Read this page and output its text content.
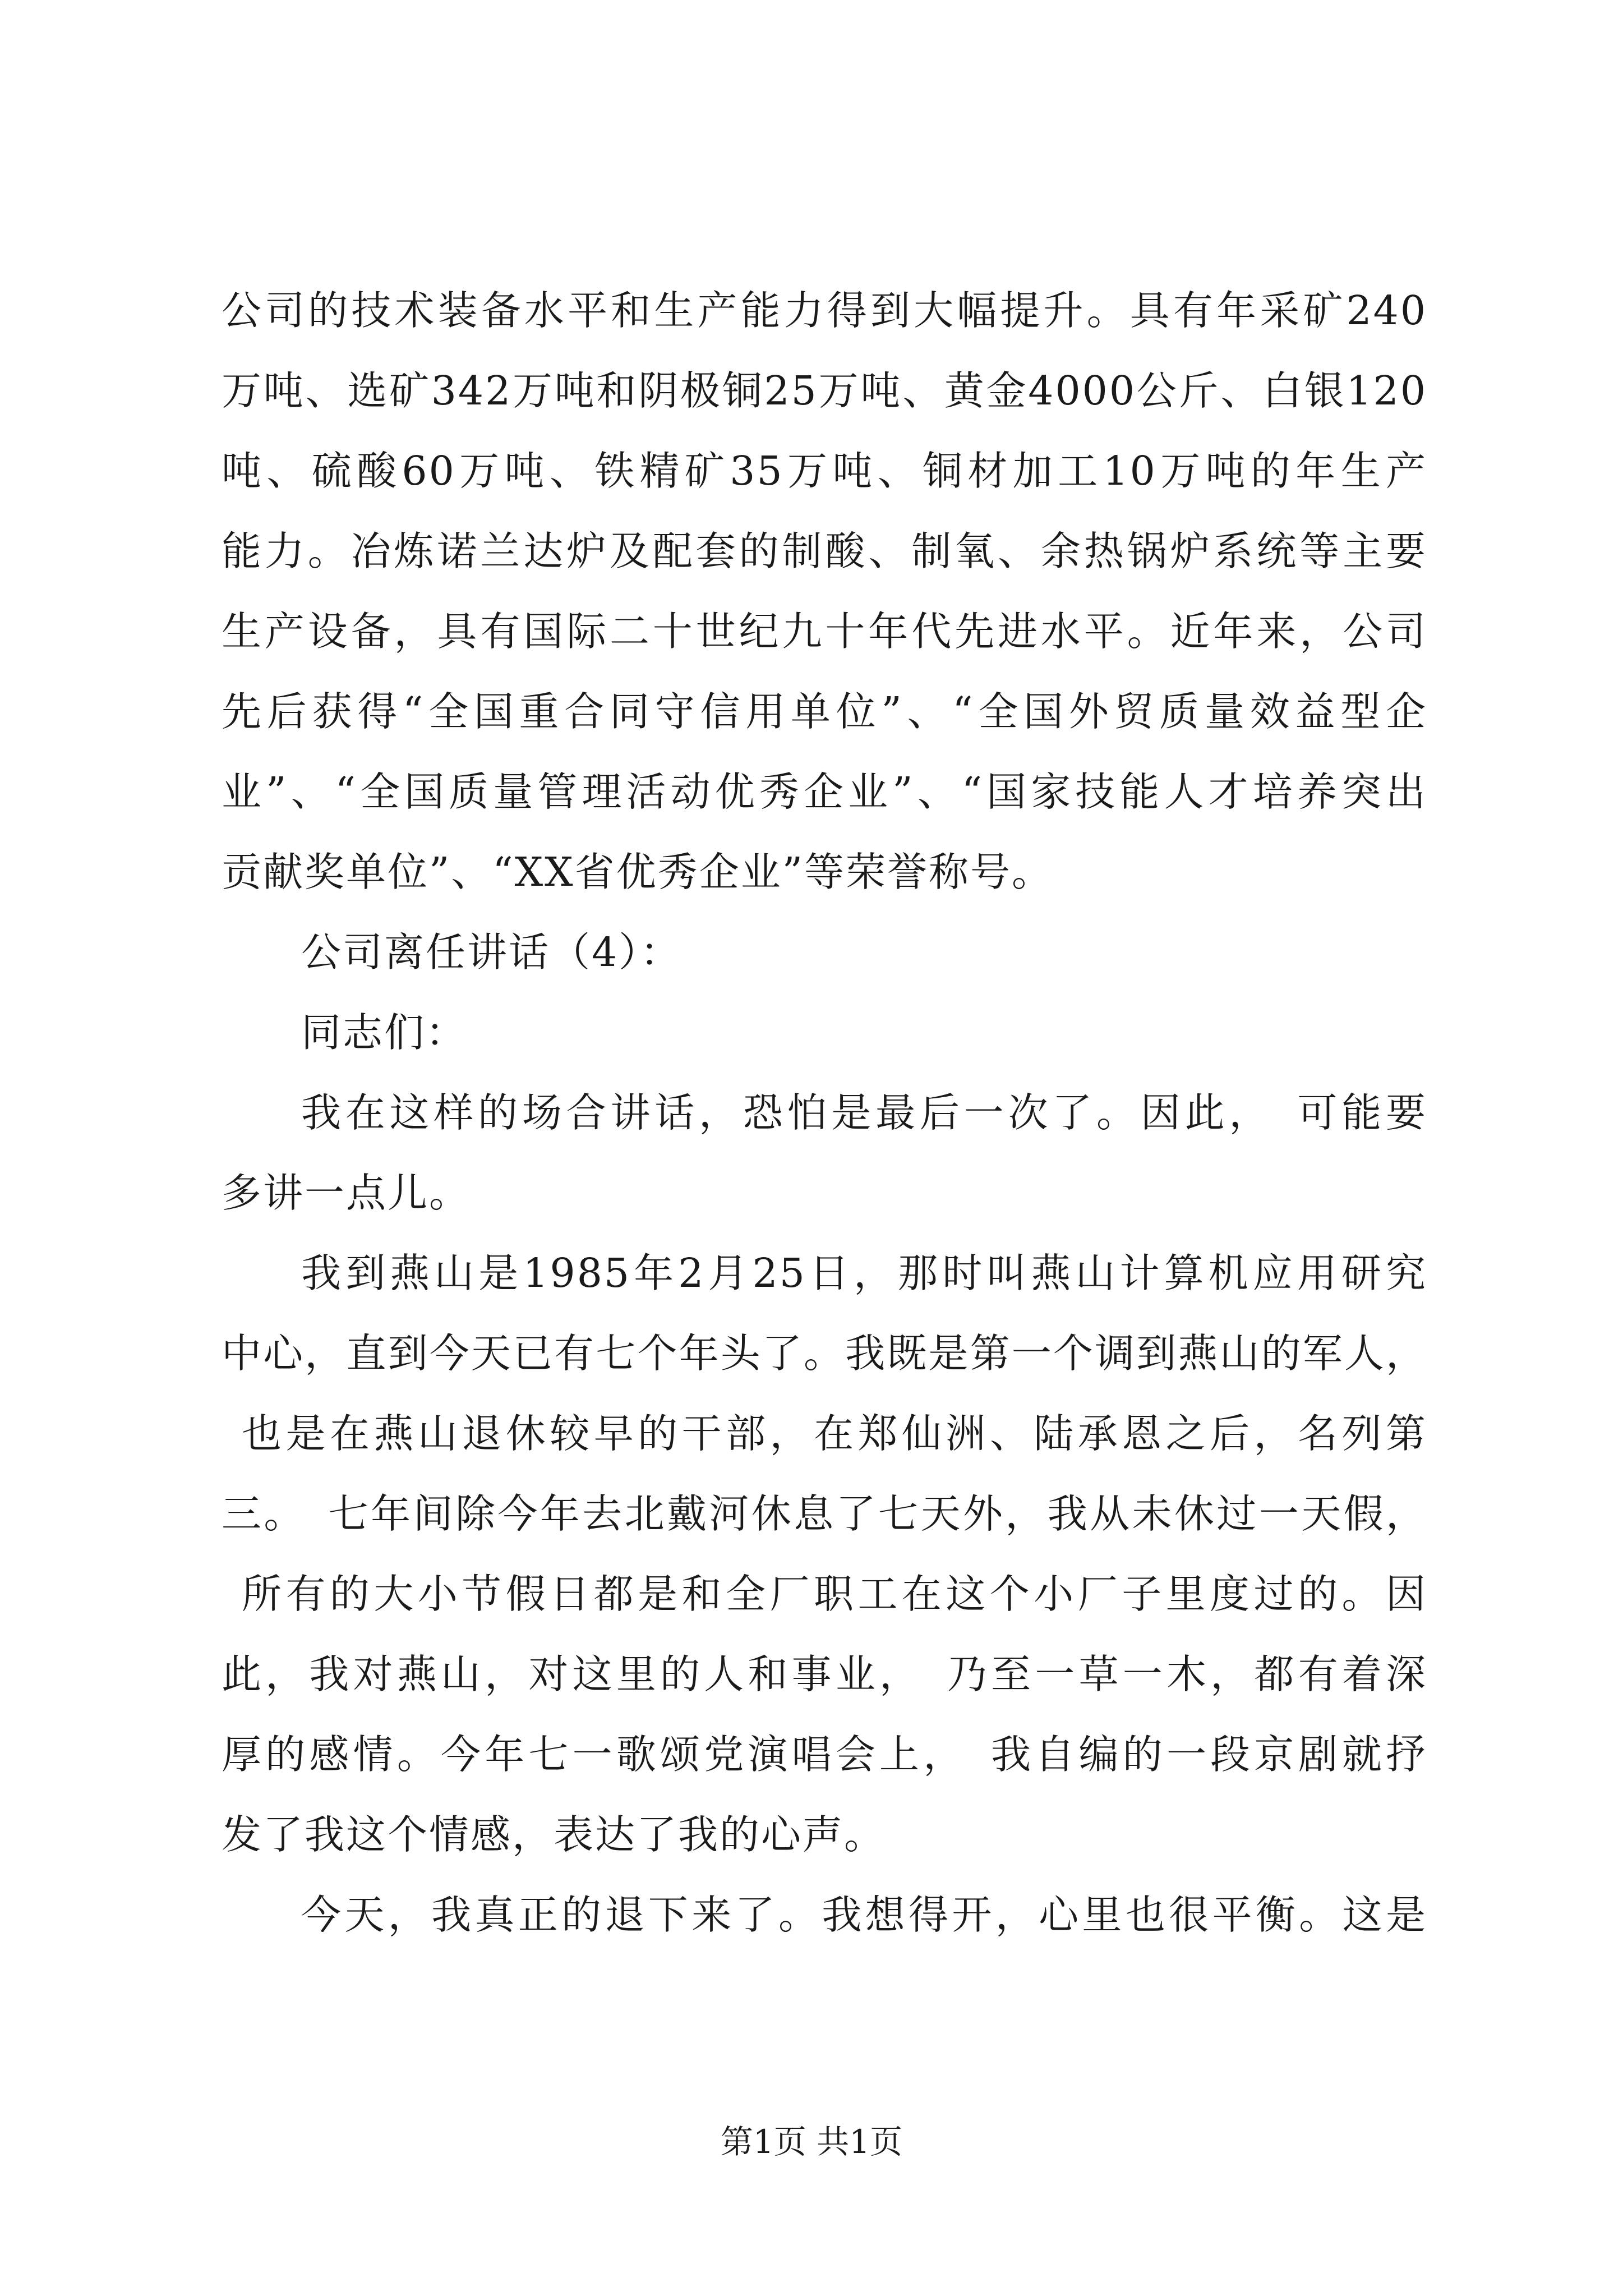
公司的技术装备水平和生产能力得到大幅提升。具有年采矿240
万吨、选矿342万吨和阴极铜25万吨、黄金4000公斤、白银120
吨、硫酸60万吨、铁精矿35万吨、铜材加工10万吨的年生产
能力。冶炼诺兰达炉及配套的制酸、制氧、余热锅炉系统等主要
生产设备，具有国际二十世纪九十年代先进水平。近年来，公司
先后获得“全国重合同守信用单位”、“全国外贸质量效益型企
业”、“全国质量管理活动优秀企业”、“国家技能人才培养突出
贡献奖单位”、“XX省优秀企业”等荣誉称号。
公司离任讲话（4）：
同志们：
我在这样的场合讲话，恐怕是最后一次了。因此，　可能要
多讲一点儿。
我到燕山是1985年2月25日，那时叫燕山计算机应用研究
中心，直到今天已有七个年头了。我既是第一个调到燕山的军人，
也是在燕山退休较早的干部，在郑仙洲、陆承恩之后，名列第
三。　七年间除今年去北戴河休息了七天外，我从未休过一天假，
所有的大小节假日都是和全厂职工在这个小厂子里度过的。因
此，我对燕山，对这里的人和事业，　乃至一草一木，都有着深
厚的感情。今年七一歌颂党演唱会上，　我自编的一段京剧就抒
发了我这个情感，表达了我的心声。
今天，我真正的退下来了。我想得开，心里也很平衡。这是
第1页 共1页
